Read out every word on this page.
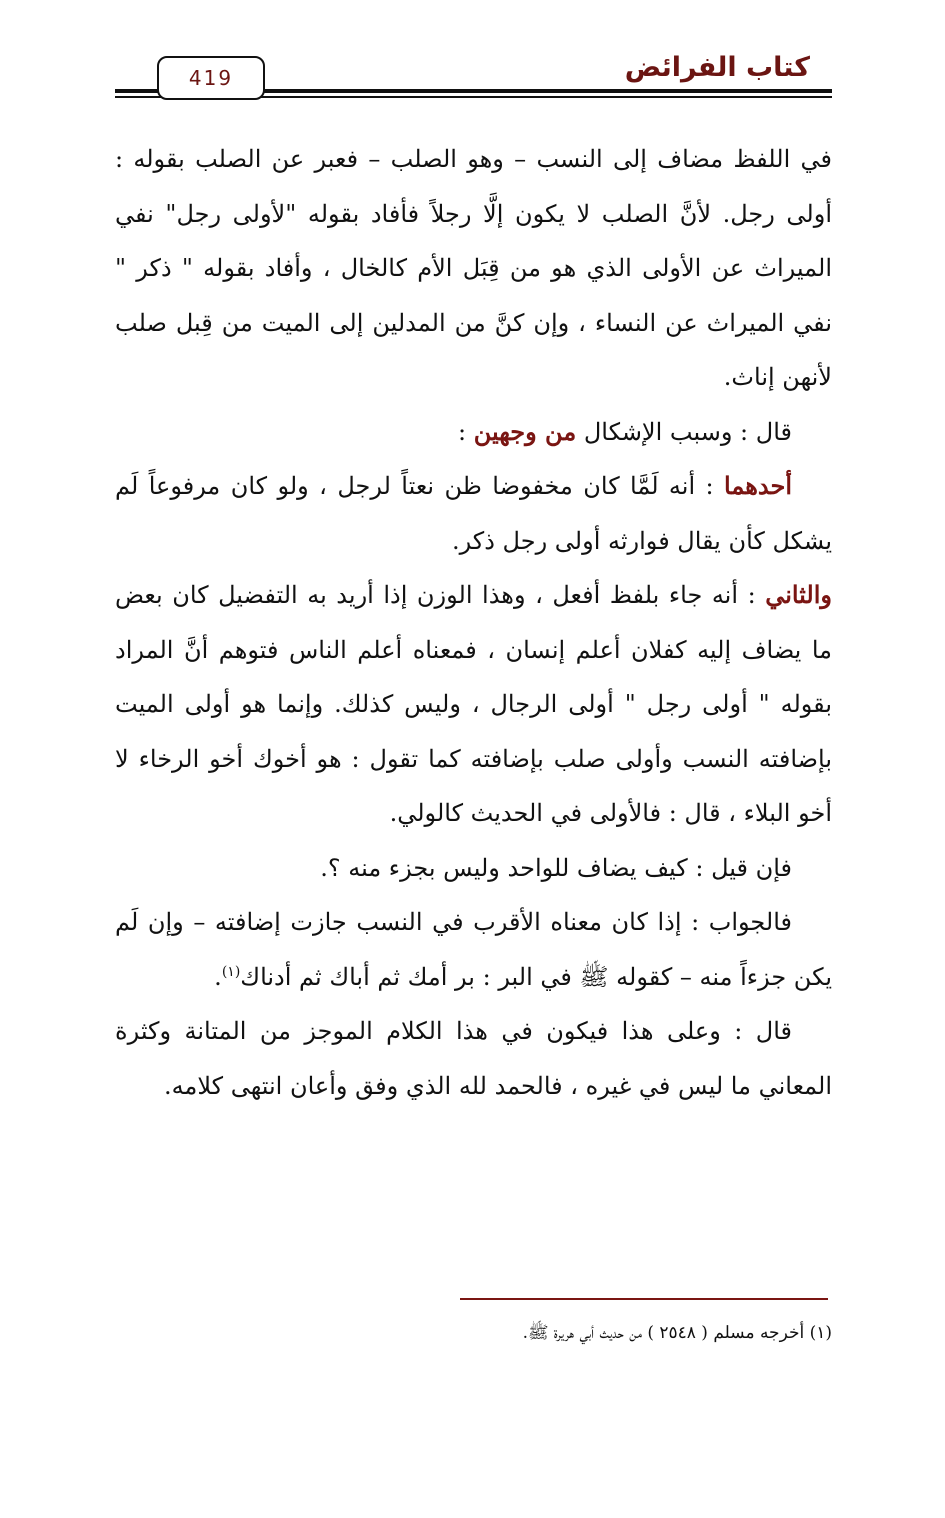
419	كتاب الفرائض

في اللفظ مضاف إلى النسب – وهو الصلب – فعبر عن الصلب بقوله : أولى رجل. لأنَّ الصلب لا يكون إلَّا رجلاً فأفاد بقوله "لأولى رجل" نفي الميراث عن الأولى الذي هو من قِبَل الأم كالخال ، وأفاد بقوله " ذكر " نفي الميراث عن النساء ، وإن كنَّ من المدلين إلى الميت من قِبل صلب لأنهن إناث.

قال : وسبب الإشكال من وجهين :

أحدهما : أنه لَمَّا كان مخفوضا ظن نعتاً لرجل ، ولو كان مرفوعاً لَم يشكل كأن يقال فوارثه أولى رجل ذكر.

والثاني : أنه جاء بلفظ أفعل ، وهذا الوزن إذا أريد به التفضيل كان بعض ما يضاف إليه كفلان أعلم إنسان ، فمعناه أعلم الناس فتوهم أنَّ المراد بقوله " أولى رجل " أولى الرجال ، وليس كذلك. وإنما هو أولى الميت بإضافته النسب وأولى صلب بإضافته كما تقول : هو أخوك أخو الرخاء لا أخو البلاء ، قال : فالأولى في الحديث كالولي.

فإن قيل : كيف يضاف للواحد وليس بجزء منه ؟.

فالجواب : إذا كان معناه الأقرب في النسب جازت إضافته – وإن لَم يكن جزءاً منه – كقوله ﷺ في البر : بر أمك ثم أباك ثم أدناك$^{(١)}$.

قال : وعلى هذا فيكون في هذا الكلام الموجز من المتانة وكثرة المعاني ما ليس في غيره ، فالحمد لله الذي وفق وأعان انتهى كلامه.

(١) أخرجه مسلم ( ٢٥٤٨ ) من حديث أبي هريرة ﷺ.
